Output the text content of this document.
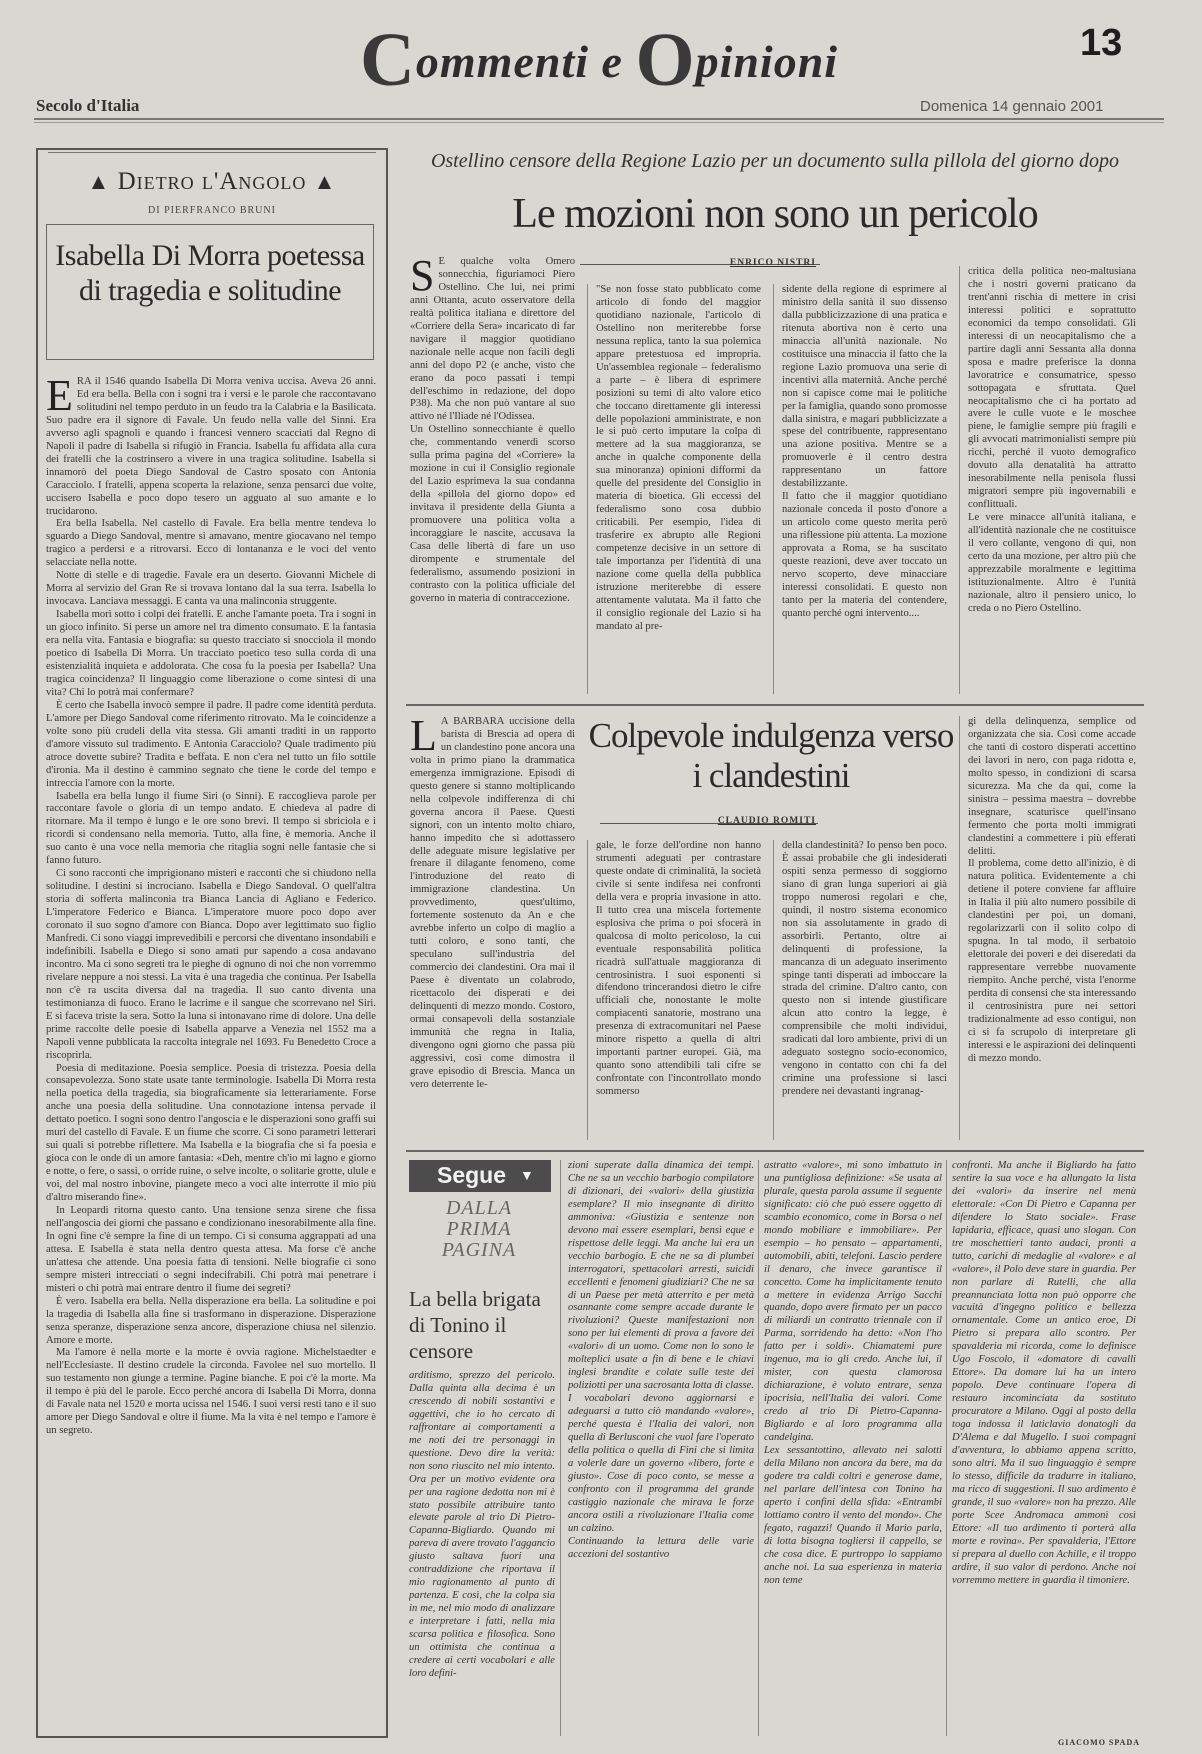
Commenti e Opinioni	13
Secolo d'Italia	Domenica 14 gennaio 2001
▲ Dietro l'Angolo ▲
DI PIERFRANCO BRUNI
Isabella Di Morra poetessa di tragedia e solitudine
E RA il 1546 quando Isabella Di Morra veniva uccisa. Aveva 26 anni. Ed era bella. Bella con i sogni tra i versi e le parole che raccontavano solitudini nel tempo perduto in un feudo tra la Calabria e la Basilicata. Suo padre era il signore di Favale. Un feudo nella valle del Sinni. Era avverso agli spagnoli e quando i francesi vennero scacciati dal Regno di Napoli il padre di Isabella si rifugiò in Francia. Isabella fu affidata alla cura dei fratelli che la costrinsero a vivere in una tragica solitudine. Isabella si innamorò del poeta Diego Sandoval de Castro sposato con Antonia Caracciolo. I fratelli, appena scoperta la relazione, senza pensarci due volte, uccisero Isabella e poco dopo tesero un agguato al suo amante e lo trucidarono.

Era bella Isabella. Nel castello di Favale. Era bella mentre tendeva lo sguardo a Diego Sandoval, mentre si amavano, mentre giocavano nel tempo tragico a perdersi e a ritrovarsi. Ecco di lontananza e le voci del vento selacciate nella notte.

Notte di stelle e di tragedie. Favale era un deserto. Giovanni Michele di Morra al servizio del Gran Re si trovava lontano dal la sua terra. Isabella lo invocava. Lanciava messaggi. E canta va una malinconia struggente.

Isabella morì sotto i colpi dei fratelli. E anche l'amante poeta. Tra i sogni in un gioco infinito. Si perse un amore nel tra dimento consumato. E la fantasia era nella vita. Fantasia e biografia: su questo tracciato si snocciola il mondo poetico di Isabella Di Morra. Un tracciato poetico teso sulla corda di una esistenzialità inquieta e addolorata. Che cosa fu la poesia per Isabella? Una tragica coincidenza? Il linguaggio come liberazione o come sintesi di una vita? Chi lo potrà mai confermare?

È certo che Isabella invocò sempre il padre. Il padre come identità perduta. L'amore per Diego Sandoval come riferimento ritrovato. Ma le coincidenze a volte sono più crudeli della vita stessa. Gli amanti tradìti in un rapporto d'amore vissuto sul tradimento. E Antonia Caracciolo? Quale tradimento più atroce dovette subire? Tradita e beffata. E non c'era nel tutto un filo sottile d'ironia. Ma il destino è cammino segnato che tiene le corde del tempo e intreccia l'amore con la morte.

Isabella era bella lungo il fiume Siri (o Sinni). E raccoglieva parole per raccontare favole o gloria di un tempo andato. E chiedeva al padre di ritornare. Ma il tempo è lungo e le ore sono brevi. Il tempo si sbriciola e i ricordi si condensano nella memoria. Tutto, alla fine, è memoria. Anche il suo canto è una voce nella memoria che ritaglia sogni nelle fantasie che si fanno futuro.

Ci sono racconti che imprigionano misteri e racconti che si chiudono nella solitudine. I destini si incrociano. Isabella e Diego Sandoval. O quell'altra storia di sofferta malinconia tra Bianca Lancia di Agliano e Federico. L'imperatore Federico e Bianca. L'imperatore muore poco dopo aver coronato il suo sogno d'amore con Bianca. Dopo aver legittimato suo figlio Manfredi. Ci sono viaggi imprevedibili e percorsi che diventano insondabili e indefinibili. Isabella e Diego si sono amati pur sapendo a cosa andavano incontro. Ma ci sono segreti tra le pieghe di ognuno di noi che non vorremmo rivelare neppure a noi stessi. La vita è una tragedia che continua. Per Isabella non c'è ra uscita diversa dal na tragedia. Il suo canto diventa una testimonianza di fuoco. Erano le lacrime e il sangue che scorrevano nel Siri. E si faceva triste la sera. Sotto la luna si intonavano rime di dolore. Una delle prime raccolte delle poesie di Isabella apparve a Venezia nel 1552 ma a Napoli venne pubblicata la raccolta integrale nel 1693. Fu Benedetto Croce a riscoprirla.

Poesia di meditazione. Poesia semplice. Poesia di tristezza. Poesia della consapevolezza. Sono state usate tante terminologie. Isabella Di Morra resta nella poetica della tragedia, sia biograficamente sia letterariamente. Forse anche una poesia della solitudine. Una connotazione intensa pervade il dettato poetico. I sogni sono dentro l'angoscia e le disperazioni sono graffi sui muri del castello di Favale. E un fiume che scorre. Ci sono parametri letterari sui quali si potrebbe riflettere. Ma Isabella e la biografia che si fa poesia e gioca con le onde di un amore fantasia: «Deh, mentre ch'io mi lagno e giorno e notte, o fere, o sassi, o orride ruine, o selve incolte, o solitarie grotte, ulule e voi, del mal nostro inbovine, piangete meco a voci alte interrotte il mio più d'altro miserando fine».

In Leopardi ritorna questo canto. Una tensione senza sirene che fissa nell'angoscia dei giorni che passano e condizionano inesorabilmente alla fine. In ogni fine c'è sempre la fine di un tempo. Ci si consuma aggrappati ad una attesa. E Isabella è stata nella dentro questa attesa. Ma forse c'è anche un'attesa che attende. Una poesia fatta di tensioni. Nelle biografie ci sono sempre misteri intrecciati o segni indecifrabili. Chi potrà mai penetrare i misteri o chi potrà mai entrare dentro il fiume dei segreti?

È vero. Isabella era bella. Nella disperazione era bella. La solitudine e poi la tragedia di Isabella alla fine si trasformano in disperazione. Disperazione senza speranze, disperazione senza ancore, disperazione chiusa nel silenzio. Amore e morte.

Ma l'amore è nella morte e la morte è ovvia ragione. Michelstaedter e nell'Ecclesiaste. Il destino crudele la circonda. Favolee nel suo mortello. Il suo testamento non giunge a termine. Pagine bianche. E poi c'è la morte. Ma il tempo è più del le parole. Ecco perché ancora di Isabella Di Morra, donna di Favale nata nel 1520 e morta ucissa nel 1546. I suoi versi resti tano e il suo amore per Diego Sandoval e oltre il fiume. Ma la vita è nel tempo e l'amore è un segreto.

Ostellino censore della Regione Lazio per un documento sulla pillola del giorno dopo
Le mozioni non sono un pericolo
ENRICO NISTRI
S E qualche volta Omero sonnecchia, figuriamoci Piero Ostellino. Che lui, nei primi anni Ottanta, acuto osservatore della realtà politica italiana e direttore del «Corriere della Sera» incaricato di far navigare il maggior quotidiano nazionale nelle acque non facili degli anni del dopo P2 (e anche, visto che erano da poco passati i tempi dell'eschimo in redazione, del dopo P38). Ma che non può vantare al suo attivo né l'Iliade né l'Odissea.
Un Ostellino sonnecchiante è quello che, commentando venerdì scorso sulla prima pagina del «Corriere» la mozione in cui il Consiglio regionale del Lazio esprimeva la sua condanna della «pillola del giorno dopo» ed invitava il presidente della Giunta a promuovere una politica volta a incoraggiare le nascite, accusava la Casa delle libertà di fare un uso dirompente e strumentale del federalismo, assumendo posizioni in contrasto con la politica ufficiale del governo in materia di contraccezione.
"Se non fosse stato pubblicato come articolo di fondo del maggior quotidiano nazionale, l'articolo di Ostellino non meriterebbe forse nessuna replica, tanto la sua polemica appare pretestuosa ed impropria. Un'assemblea regionale – federalismo a parte – è libera di esprimere posizioni su temi di alto valore etico che toccano direttamente gli interessi delle popolazioni amministrate, e non le si può certo imputare la colpa di mettere ad la sua maggioranza, se anche in qualche componente della sua minoranza) opinioni difformi da quelle del presidente del Consiglio in materia di bioetica. Gli eccessi del federalismo sono cosa dubbio criticabili. Per esempio, l'idea di trasferire ex abrupto alle Regioni competenze decisive in un settore di tale importanza per l'identità di una nazione come quella della pubblica istruzione meriterebbe di essere attentamente valutata. Ma il fatto che il consiglio regionale del Lazio si ha mandato al pre-
sidente della regione di esprimere al ministro della sanità il suo dissenso dalla pubblicizzazione di una pratica e ritenuta abortiva non è certo una minaccia all'unità nazionale. No costituisce una minaccia il fatto che la regione Lazio promuova una serie di incentivi alla maternità. Anche perché non si capisce come mai le politiche per la famiglia, quando sono promosse dalla sinistra, e magari pubblicizzate a spese del contribuente, rappresentano una azione positiva. Mentre se a promuoverle è il centro destra rappresentano un fattore destabilizzante.
Il fatto che il maggior quotidiano nazionale conceda il posto d'onore a un articolo come questo merita però una riflessione più attenta. La mozione approvata a Roma, se ha suscitato queste reazioni, deve aver toccato un nervo scoperto, deve minacciare interessi consolidati. E questo non tanto per la materia del contendere, quanto perché ogni intervento....
critica della politica neo-maltusiana che i nostri governi praticano da trent'anni rischia di mettere in crisi interessi politici e soprattutto economici da tempo consolidati. Gli interessi di un neocapitalismo che a partire dagli anni Sessanta alla donna sposa e madre preferisce la donna lavoratrice e consumatrice, spesso sottopagata e sfruttata. Quel neocapitalismo che ci ha portato ad avere le culle vuote e le moschee piene, le famiglie sempre più fragili e gli avvocati matrimonialisti sempre più ricchi, perché il vuoto demografico dovuto alla denatalità ha attratto inesorabilmente nella penisola flussi migratori sempre più ingovernabili e conflittuali.
Le vere minacce all'unità italiana, e all'identità nazionale che ne costituisce il vero collante, vengono di qui, non certo da una mozione, per altro più che apprezzabile moralmente e legittima istituzionalmente. Altro è l'unità nazionale, altro il pensiero unico, lo creda o no Piero Ostellino.
L A BARBARA uccisione della barista di Brescia ad opera di un clandestino pone ancora una volta in primo piano la drammatica emergenza immigrazione. Episodi di questo genere si stanno moltiplicando nella colpevole indifferenza di chi governa ancora il Paese. Questi signori, con un intento molto chiaro, hanno impedito che si adottassero delle adeguate misure legislative per frenare il dilagante fenomeno, come l'introduzione del reato di immigrazione clandestina. Un provvedimento, quest'ultimo, fortemente sostenuto da An e che avrebbe inferto un colpo di maglio a tutti coloro, e sono tanti, che speculano sull'industria del commercio dei clandestini. Ora mai il Paese è diventato un colabrodo, ricettacolo dei disperati e dei delinquenti di mezzo mondo. Costoro, ormai consapevoli della sostanziale immunità che regna in Italia, divengono ogni giorno che passa più aggressivi, così come dimostra il grave episodio di Brescia. Manca un vero deterrente le-
Colpevole indulgenza verso i clandestini
CLAUDIO ROMITI
gale, le forze dell'ordine non hanno strumenti adeguati per contrastare queste ondate di criminalità, la società civile si sente indifesa nei confronti della vera e propria invasione in atto. Il tutto crea una miscela fortemente esplosiva che prima o poi sfocerà in qualcosa di molto pericoloso, la cui eventuale responsabilità politica ricadrà sull'attuale maggioranza di centrosinistra. I suoi esponenti si difendono trincerandosi dietro le cifre ufficiali che, nonostante le molte compiacenti sanatorie, mostrano una presenza di extracomunitari nel Paese minore rispetto a quella di altri importanti partner europei. Già, ma quanto sono attendibili tali cifre se confrontate con l'incontrollato mondo sommerso
della clandestinità? Io penso ben poco. È assai probabile che gli indesiderati ospiti senza permesso di soggiorno siano di gran lunga superiori ai già troppo numerosi regolari e che, quindi, il nostro sistema economico non sia assolutamente in grado di assorbirli. Pertanto, oltre ai delinquenti di professione, la mancanza di un adeguato inserimento spinge tanti disperati ad imboccare la strada del crimine. D'altro canto, con questo non si intende giustificare alcun atto contro la legge, è comprensibile che molti individui, sradicati dal loro ambiente, privi di un adeguato sostegno socio-economico, vengono in contatto con chi fa del crimine una professione si lasci prendere nei devastanti ingranag-
gi della delinquenza, semplice od organizzata che sia. Così come accade che tanti di costoro disperati accettino dei lavori in nero, con paga ridotta e, molto spesso, in condizioni di scarsa sicurezza. Ma che da qui, come la sinistra – pessima maestra – dovrebbe insegnare, scaturisce quell'insano fermento che porta molti immigrati clandestini a commettere i più efferati delitti.
Il problema, come detto all'inizio, è di natura politica. Evidentemente a chi detiene il potere conviene far affluire in Italia il più alto numero possibile di clandestini per poi, un domani, regolarizzarli con il solito colpo di spugna. In tal modo, il serbatoio elettorale dei poveri e dei diseredati da rappresentare verrebbe nuovamente riempito. Anche perché, vista l'enorme perdita di consensi che sta interessando il centrosinistra pure nei settori tradizionalmente ad esso contigui, non ci si fa scrupolo di interpretare gli interessi e le aspirazioni dei delinquenti di mezzo mondo.
Segue ▼
DALLA PRIMA PAGINA
La bella brigata di Tonino il censore
arditismo, sprezzo del pericolo. Dalla quinta alla decima è un crescendo di nobili sostantivi e aggettivi, che io ho cercato di raffrontare ai comportamenti a me noti dei tre personaggi in questione. Devo dire la verità: non sono riuscito nel mio intento. Ora per un motivo evidente ora per una ragione dedotta non mi è stato possibile attribuire tanto elevate parole al trio Di Pietro-Capanna-Bigliardo. Quando mi pareva di avere trovato l'aggancio giusto saltava fuori una contraddizione che riportava il mio ragionamento al punto di partenza. E così, che la colpa sia in me, nel mio modo di analizzare e interpretare i fatti, nella mia scarsa politica e filosofica. Sono un ottimista che continua a credere ai certi vocabolari e alle loro defini-
zioni superate dalla dinamica dei tempi. Che ne sa un vecchio barbogio compilatore di dizionari, dei «valori» della giustizia esemplare? Il mio insegnante di diritto ammoniva: «Giustizia e sentenze non devono mai essere esemplari, bensì eque e rispettose delle leggi. Ma anche lui era un vecchio barbogio. E che ne sa di plumbei interrogatori, spettacolari arresti, suicidi eccellenti e fenomeni giudiziari? Che ne sa di un Paese per metà atterrito e per metà osannante come sempre accade durante le rivoluzioni? Queste manifestazioni non sono per lui elementi di prova a favore dei «valori» di un uomo. Come non lo sono le molteplici usate a fin di bene e le chiavi inglesi brandite e colate sulle teste dei poliziotti per una sacrosanta lotta di classe. I vocabolari devono aggiornarsi e adeguarsi a tutto ciò mandando «valore», perché questa è l'Italia dei valori, non quella di Berlusconi che vuol fare l'operato della politica o quella di Fini che si limita a volerle dare un governo «libero, forte e giusto». Cose di poco conto, se messe a confronto con il programma del grande castiggio nazionale che mirava le forze ancora ostili a rivoluzionare l'Italia come un calzino.
Continuando la lettura delle varie accezioni del sostantivo
astratto «valore», mi sono imbattuto in una puntigliosa definizione: «Se usata al plurale, questa parola assume il seguente significato: ciò che può essere oggetto di scambio economico, come in Borsa o nel mondo mobiliare e immobiliare». Per esempio – ho pensato – appartamenti, automobili, abiti, telefoni. Lascio perdere il denaro, che invece garantisce il concetto. Come ha implicitamente tenuto a mettere in evidenza Arrigo Sacchi quando, dopo avere firmato per un pacco di miliardi un contratto triennale con il Parma, sorridendo ha detto: «Non l'ho fatto per i soldi». Chiamatemi pure ingenuo, ma io gli credo. Anche lui, il mister, con questa clamorosa dichiarazione, è voluto entrare, senza ipocrisia, nell'Italia dei valori. Come credo al trio Di Pietro-Capanna-Bigliardo e al loro programma alla candelgina.
Lex sessantottino, allevato nei salotti della Milano non ancora da bere, ma da godere tra caldi coltri e generose dame, nel parlare dell'intesa con Tonino ha aperto i confini della sfida: «Entrambi lottiamo contro il vento del mondo». Che fegato, ragazzi! Quando il Mario parla, di lotta bisogna togliersi il cappello, se che cosa dice. E purtroppo lo sappiamo anche noi. La sua esperienza in materia non teme
GIACOMO SPADA
confronti. Ma anche il Bigliardo ha fatto sentire la sua voce e ha allungato la lista dei «valori» da inserire nel menù elettorale: «Con Di Pietro e Capanna per difendere lo Stato sociale». Frase lapidaria, efficace, quasi uno slogan. Con tre moschettieri tanto audaci, pronti a tutto, carichi di medaglie al «valore» e al «valore», il Polo deve stare in guardia. Per non parlare di Rutelli, che alla preannunciata lotta non può opporre che vacuità d'ingegno politico e bellezza ornamentale. Come un antico eroe, Di Pietro si prepara allo scontro. Per spavalderia mi ricorda, come lo definisce Ugo Foscolo, il «domatore di cavalli Ettore». Da domare lui ha un intero popolo. Deve continuare l'opera di restauro incominciata da sostituto procuratore a Milano. Oggi al posto della toga indossa il laticlavio donatogli da D'Alema e dal Mugello. I suoi compagni d'avventura, lo abbiamo appena scritto, sono altri. Ma il suo linguaggio è sempre lo stesso, difficile da tradurre in italiano, ma ricco di suggestioni. Il suo ardimento è grande, il suo «valore» non ha prezzo. Alle porte Scee Andromaca ammonì così Ettore: «Il tuo ardimento ti porterà alla morte e rovina». Per spavalderia, l'Ettore si prepara al duello con Achille, e il troppo ardire, il suo valor di perdono. Anche noi vorremmo mettere in guardia il timoniere.
